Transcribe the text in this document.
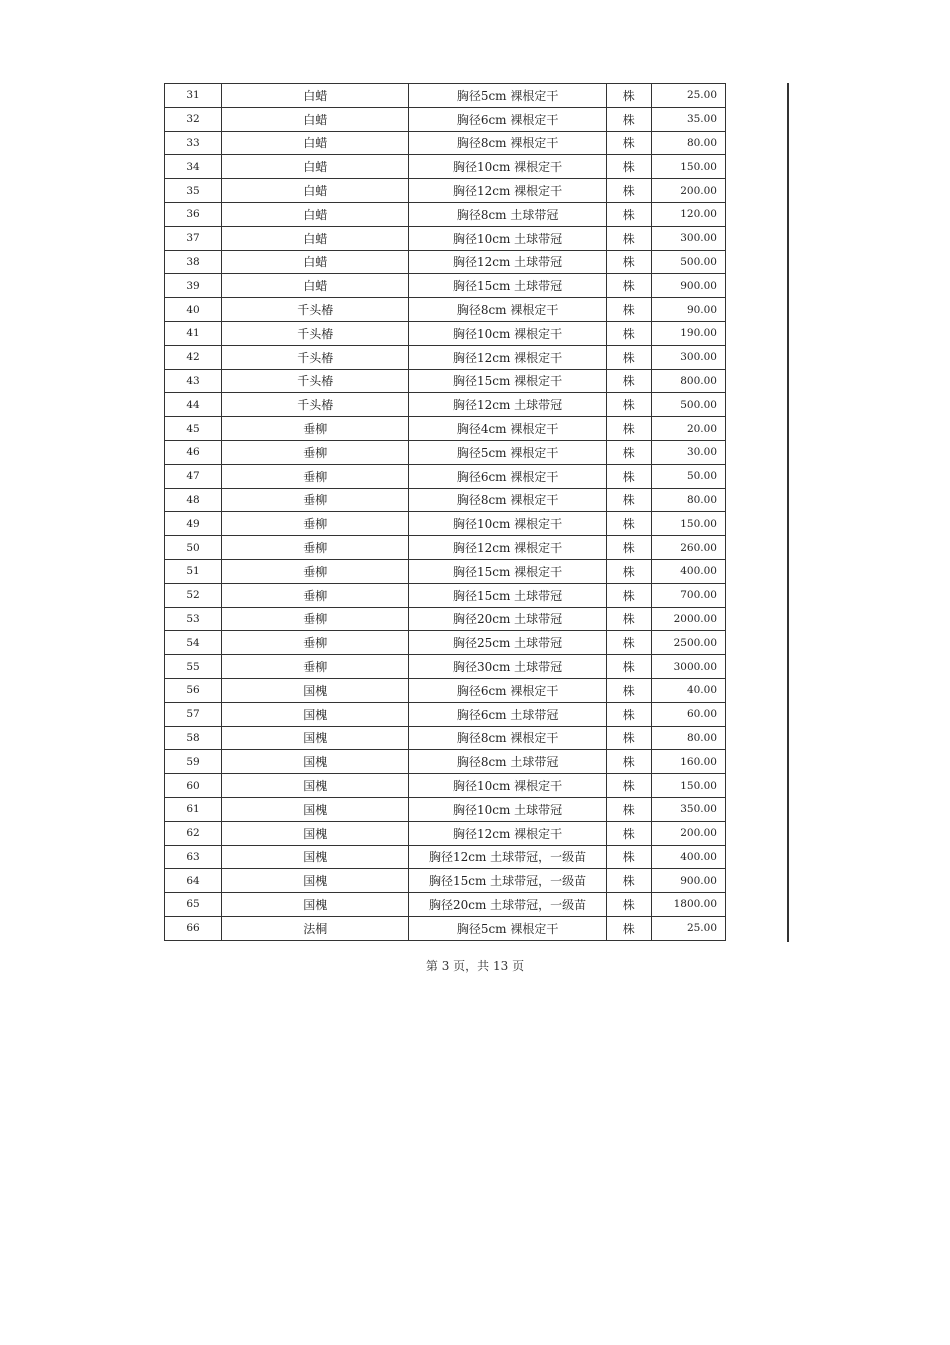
31	白蜡	胸径5cm 裸根定干	株	25.00
32	白蜡	胸径6cm 裸根定干	株	35.00
33	白蜡	胸径8cm 裸根定干	株	80.00
34	白蜡	胸径10cm 裸根定干	株	150.00
35	白蜡	胸径12cm 裸根定干	株	200.00
36	白蜡	胸径8cm 土球带冠	株	120.00
37	白蜡	胸径10cm 土球带冠	株	300.00
38	白蜡	胸径12cm 土球带冠	株	500.00
39	白蜡	胸径15cm 土球带冠	株	900.00
40	千头椿	胸径8cm 裸根定干	株	90.00
41	千头椿	胸径10cm 裸根定干	株	190.00
42	千头椿	胸径12cm 裸根定干	株	300.00
43	千头椿	胸径15cm 裸根定干	株	800.00
44	千头椿	胸径12cm 土球带冠	株	500.00
45	垂柳	胸径4cm 裸根定干	株	20.00
46	垂柳	胸径5cm 裸根定干	株	30.00
47	垂柳	胸径6cm 裸根定干	株	50.00
48	垂柳	胸径8cm 裸根定干	株	80.00
49	垂柳	胸径10cm 裸根定干	株	150.00
50	垂柳	胸径12cm 裸根定干	株	260.00
51	垂柳	胸径15cm 裸根定干	株	400.00
52	垂柳	胸径15cm 土球带冠	株	700.00
53	垂柳	胸径20cm 土球带冠	株	2000.00
54	垂柳	胸径25cm 土球带冠	株	2500.00
55	垂柳	胸径30cm 土球带冠	株	3000.00
56	国槐	胸径6cm 裸根定干	株	40.00
57	国槐	胸径6cm 土球带冠	株	60.00
58	国槐	胸径8cm 裸根定干	株	80.00
59	国槐	胸径8cm 土球带冠	株	160.00
60	国槐	胸径10cm 裸根定干	株	150.00
61	国槐	胸径10cm 土球带冠	株	350.00
62	国槐	胸径12cm 裸根定干	株	200.00
63	国槐	胸径12cm 土球带冠，一级苗	株	400.00
64	国槐	胸径15cm 土球带冠，一级苗	株	900.00
65	国槐	胸径20cm 土球带冠，一级苗	株	1800.00
66	法桐	胸径5cm 裸根定干	株	25.00
第 3 页，共 13 页
